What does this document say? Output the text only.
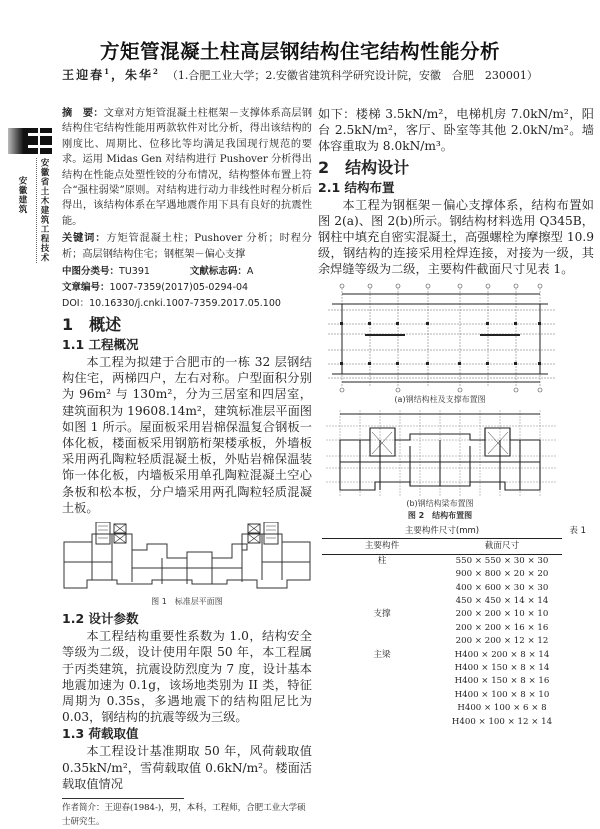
方矩管混凝土柱高层钢结构住宅结构性能分析
王迎春$^1$，朱华$^2$ （1.合肥工业大学；2.安徽省建筑科学研究设计院，安徽　合肥　230001）
安徽省土木建筑工程技术
安徽建筑
摘　要：文章对方矩管混凝土柱框架－支撑体系高层钢结构住宅结构性能用两款软件对比分析，得出该结构的刚度比、周期比、位移比等均满足我国现行规范的要求。运用 Midas Gen 对结构进行 Pushover 分析得出结构在性能点处塑性铰的分布情况，结构整体布置上符合“强柱弱梁”原则。对结构进行动力非线性时程分析后得出，该结构体系在罕遇地震作用下具有良好的抗震性能。
关键词：方矩管混凝土柱；Pushover 分析；时程分析；高层钢结构住宅；钢框架－偏心支撑
中图分类号：TU391	文献标志码：A
文章编号：1007-7359(2017)05-0294-04
DOI：10.16330/j.cnki.1007-7359.2017.05.100
1　概述
1.1 工程概况

本工程为拟建于合肥市的一栋 32 层钢结构住宅，两梯四户，左右对称。户型面积分别为 96m² 与 130m²，分为三居室和四居室，建筑面积为 19608.14m²，建筑标准层平面图如图 1 所示。屋面板采用岩棉保温复合钢板一体化板，楼面板采用钢筋桁架楼承板，外墙板采用两孔陶粒轻质混凝土板，外贴岩棉保温装饰一体化板，内墙板采用单孔陶粒混凝土空心条板和松本板，分户墙采用两孔陶粒轻质混凝土板。

图 1　标准层平面图
1.2 设计参数

本工程结构重要性系数为 1.0，结构安全等级为二级，设计使用年限 50 年，本工程属于丙类建筑，抗震设防烈度为 7 度，设计基本地震加速为 0.1g，该场地类别为 II 类，特征周期为 0.35s，多遇地震下的结构阻尼比为 0.03，钢结构的抗震等级为三级。

1.3 荷载取值

本工程设计基准期取 50 年，风荷载取值 0.35kN/m²，雪荷载取值 0.6kN/m²。楼面活载取值情况

作者简介：王迎春(1984-)，男，本科，工程师，合肥工业大学硕士研究生。
如下：楼梯 3.5kN/m²，电梯机房 7.0kN/m²，阳台 2.5kN/m²，客厅、卧室等其他 2.0kN/m²。墙体容重取为 8.0kN/m³。
2　结构设计
2.1 结构布置

本工程为钢框架－偏心支撑体系，结构布置如图 2(a)、图 2(b)所示。钢结构材料选用 Q345B，钢柱中填充自密实混凝土，高强螺栓为摩擦型 10.9 级，钢结构的连接采用栓焊连接，对接为一级，其余焊缝等级为二级，主要构件截面尺寸见表 1。

(a)钢结构柱及支撑布置图
(b)钢结构梁布置图
图 2　结构布置图
主要构件尺寸(mm)	表 1
主要构件	截面尺寸
柱	550 × 550 × 30 × 30
	900 × 800 × 20 × 20
	400 × 600 × 30 × 30
	450 × 450 × 14 × 14
支撑	200 × 200 × 10 × 10
	200 × 200 × 16 × 16
	200 × 200 × 12 × 12
主梁	H400 × 200 × 8 × 14
	H400 × 150 × 8 × 14
	H400 × 150 × 8 × 16
	H400 × 100 × 8 × 10
	H400 × 100 × 6 × 8
	H400 × 100 × 12 × 14
